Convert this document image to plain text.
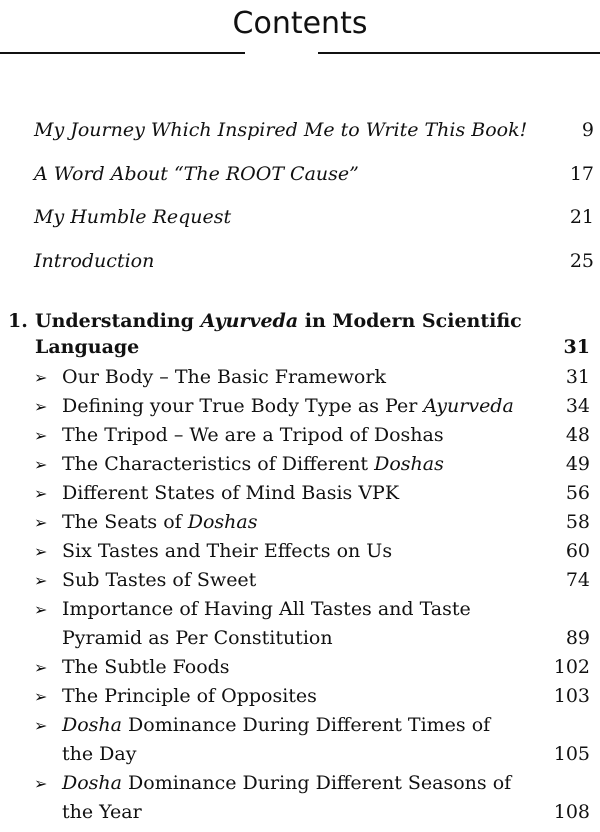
Contents
My Journey Which Inspired Me to Write This Book!	9
A Word About “The ROOT Cause”	17
My Humble Request	21
Introduction	25
1. Understanding Ayurveda in Modern Scientific
Language	31
➢ Our Body – The Basic Framework	31
➢ Defining your True Body Type as Per Ayurveda	34
➢ The Tripod – We are a Tripod of Doshas	48
➢ The Characteristics of Different Doshas	49
➢ Different States of Mind Basis VPK	56
➢ The Seats of Doshas	58
➢ Six Tastes and Their Effects on Us	60
➢ Sub Tastes of Sweet	74
➢ Importance of Having All Tastes and Taste
Pyramid as Per Constitution	89
➢ The Subtle Foods	102
➢ The Principle of Opposites	103
➢ Dosha Dominance During Different Times of
the Day	105
➢ Dosha Dominance During Different Seasons of
the Year	108
